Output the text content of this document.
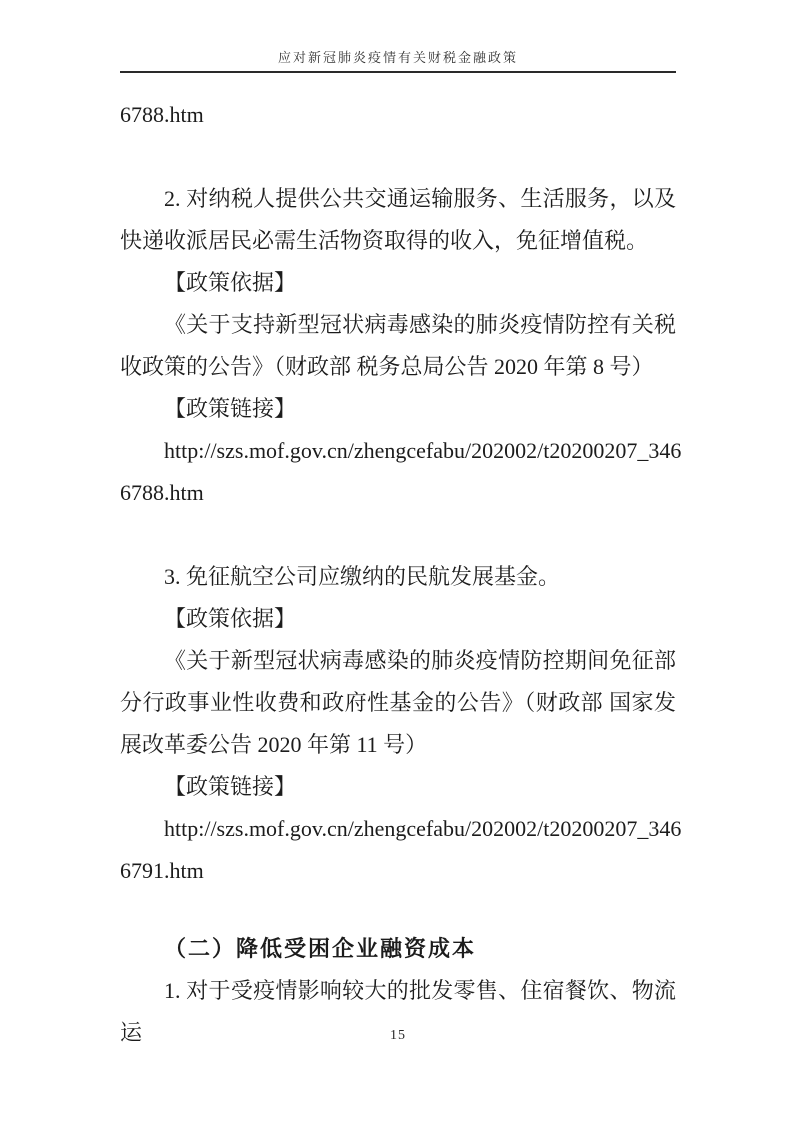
应对新冠肺炎疫情有关财税金融政策

6788.htm

2. 对纳税人提供公共交通运输服务、生活服务，以及快递收派居民必需生活物资取得的收入，免征增值税。

【政策依据】

《关于支持新型冠状病毒感染的肺炎疫情防控有关税收政策的公告》（财政部 税务总局公告 2020 年第 8 号）

【政策链接】

http://szs.mof.gov.cn/zhengcefabu/202002/t20200207_346

6788.htm

3. 免征航空公司应缴纳的民航发展基金。

【政策依据】

《关于新型冠状病毒感染的肺炎疫情防控期间免征部分行政事业性收费和政府性基金的公告》（财政部 国家发展改革委公告 2020 年第 11 号）

【政策链接】

http://szs.mof.gov.cn/zhengcefabu/202002/t20200207_346

6791.htm

（二）降低受困企业融资成本

1. 对于受疫情影响较大的批发零售、住宿餐饮、物流运	15
